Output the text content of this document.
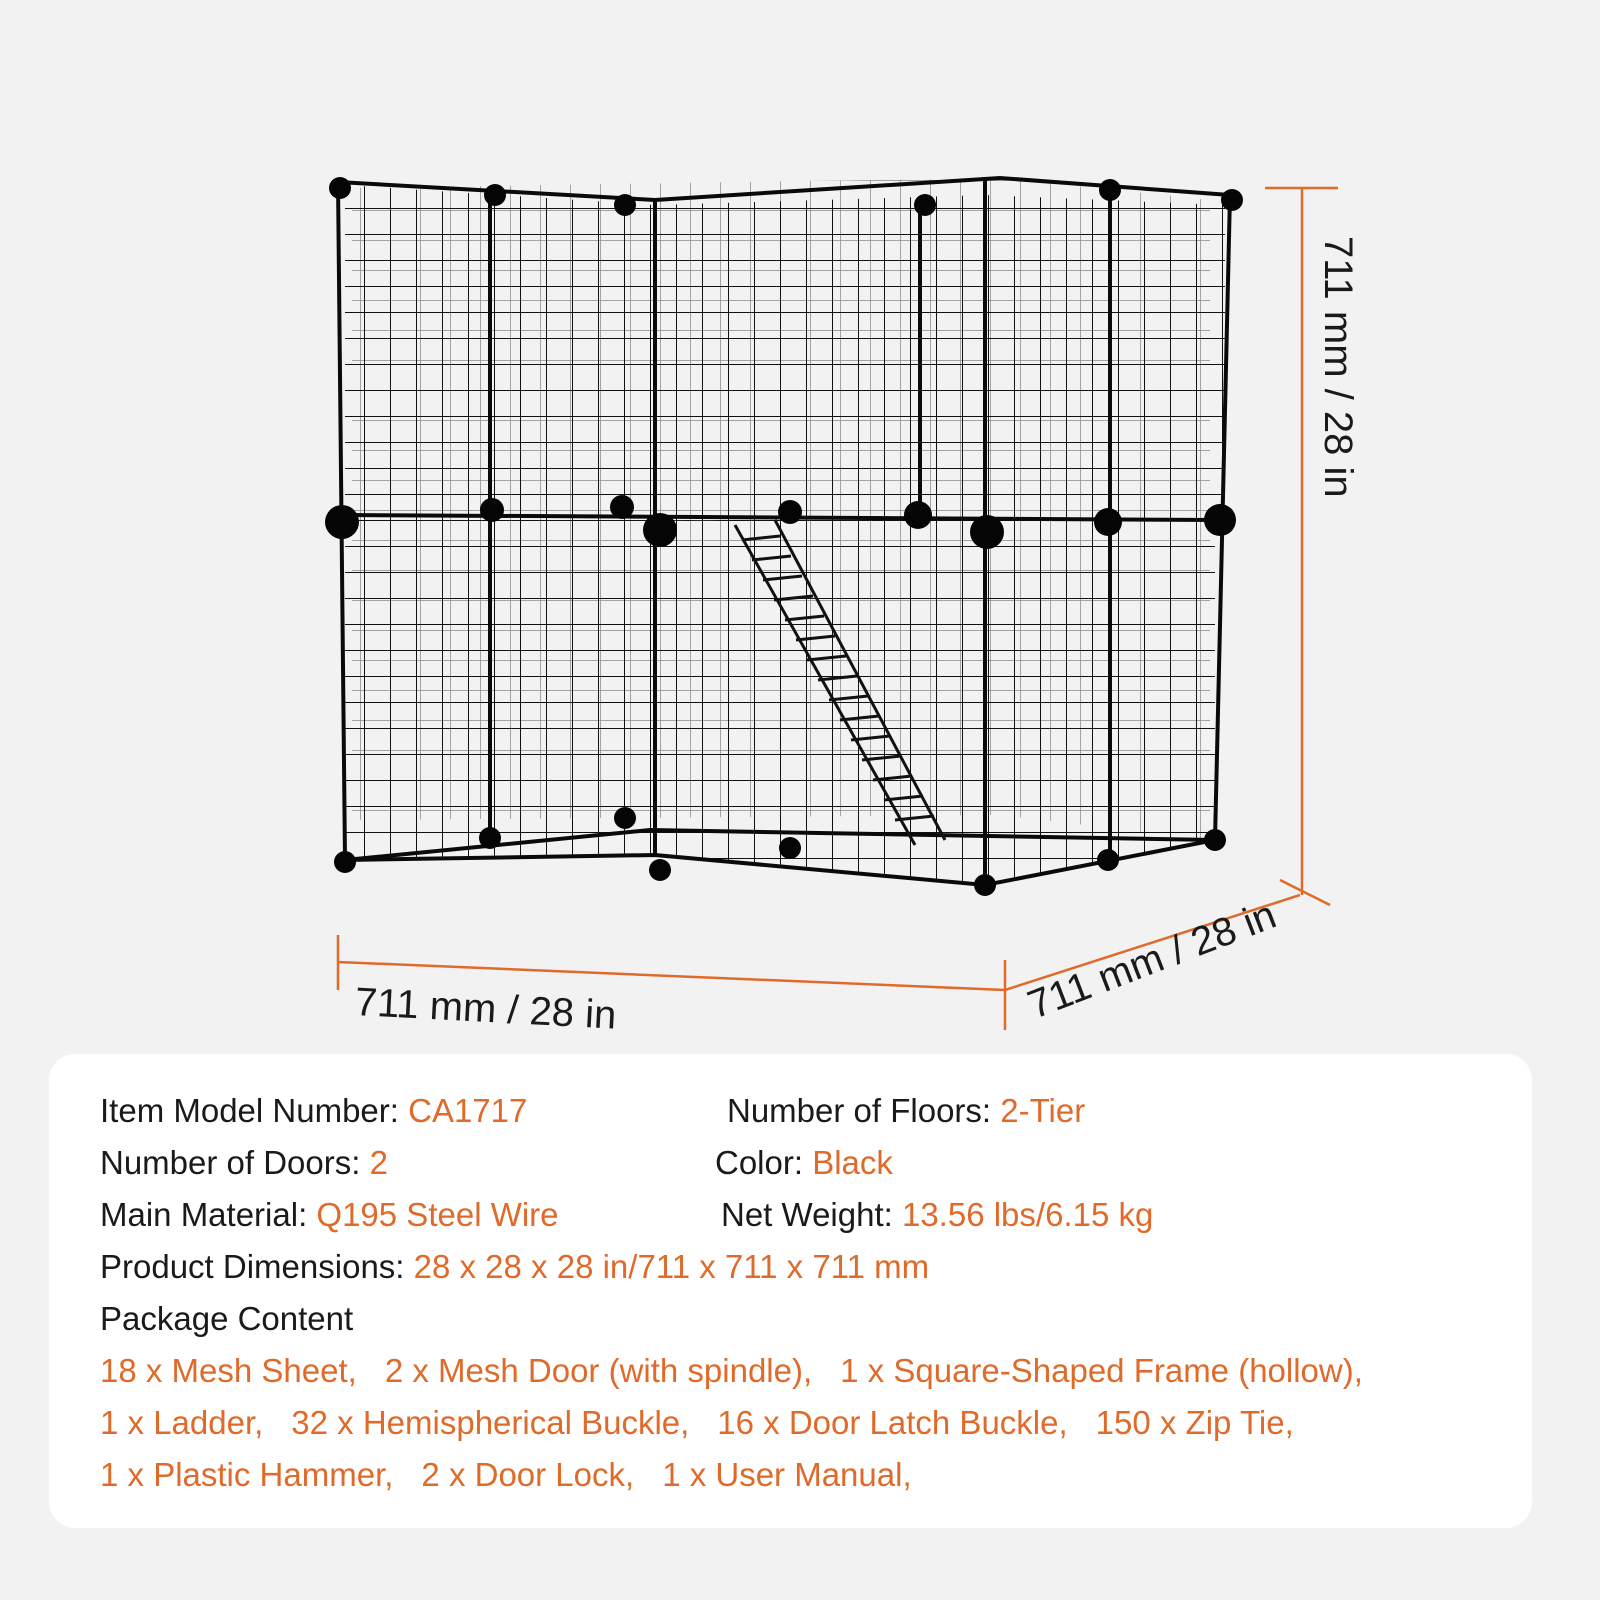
711 mm / 28 in	711 mm / 28 in
711 mm / 28 in
Item Model Number: CA1717	Number of Floors: 2-Tier
Number of Doors: 2	Color: Black
Main Material: Q195 Steel Wire	Net Weight: 13.56 lbs/6.15 kg
Product Dimensions: 28 x 28 x 28 in/711 x 711 x 711 mm
Package Content
18 x Mesh Sheet, 2 x Mesh Door (with spindle), 1 x Square-Shaped Frame (hollow),
1 x Ladder, 32 x Hemispherical Buckle, 16 x Door Latch Buckle, 150 x Zip Tie,
1 x Plastic Hammer, 2 x Door Lock, 1 x User Manual,
